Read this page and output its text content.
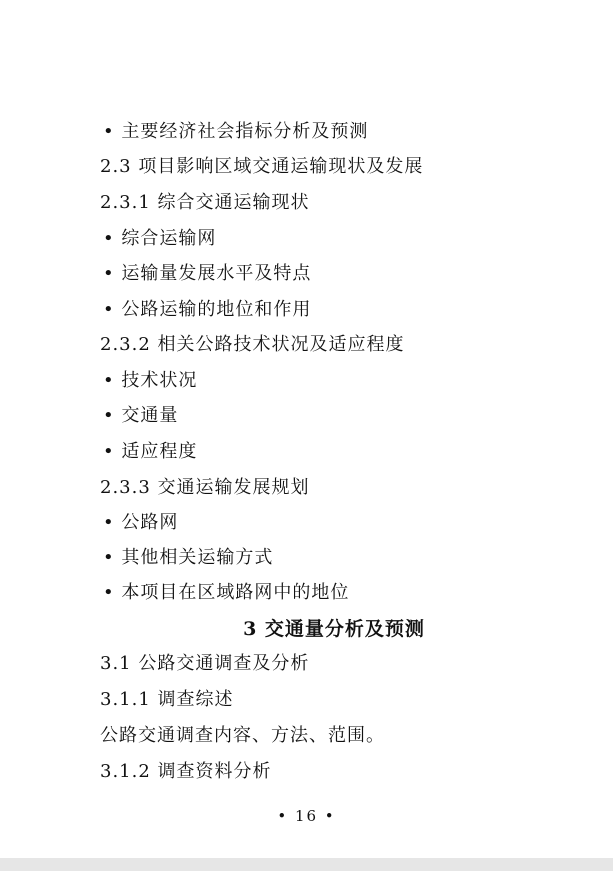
• 主要经济社会指标分析及预测
2.3 项目影响区域交通运输现状及发展
2.3.1 综合交通运输现状
• 综合运输网
• 运输量发展水平及特点
• 公路运输的地位和作用
2.3.2 相关公路技术状况及适应程度
• 技术状况
• 交通量
• 适应程度
2.3.3 交通运输发展规划
• 公路网
• 其他相关运输方式
• 本项目在区域路网中的地位
3 交通量分析及预测
3.1 公路交通调查及分析
3.1.1 调查综述
公路交通调查内容、方法、范围。
3.1.2 调查资料分析
• 16 •
